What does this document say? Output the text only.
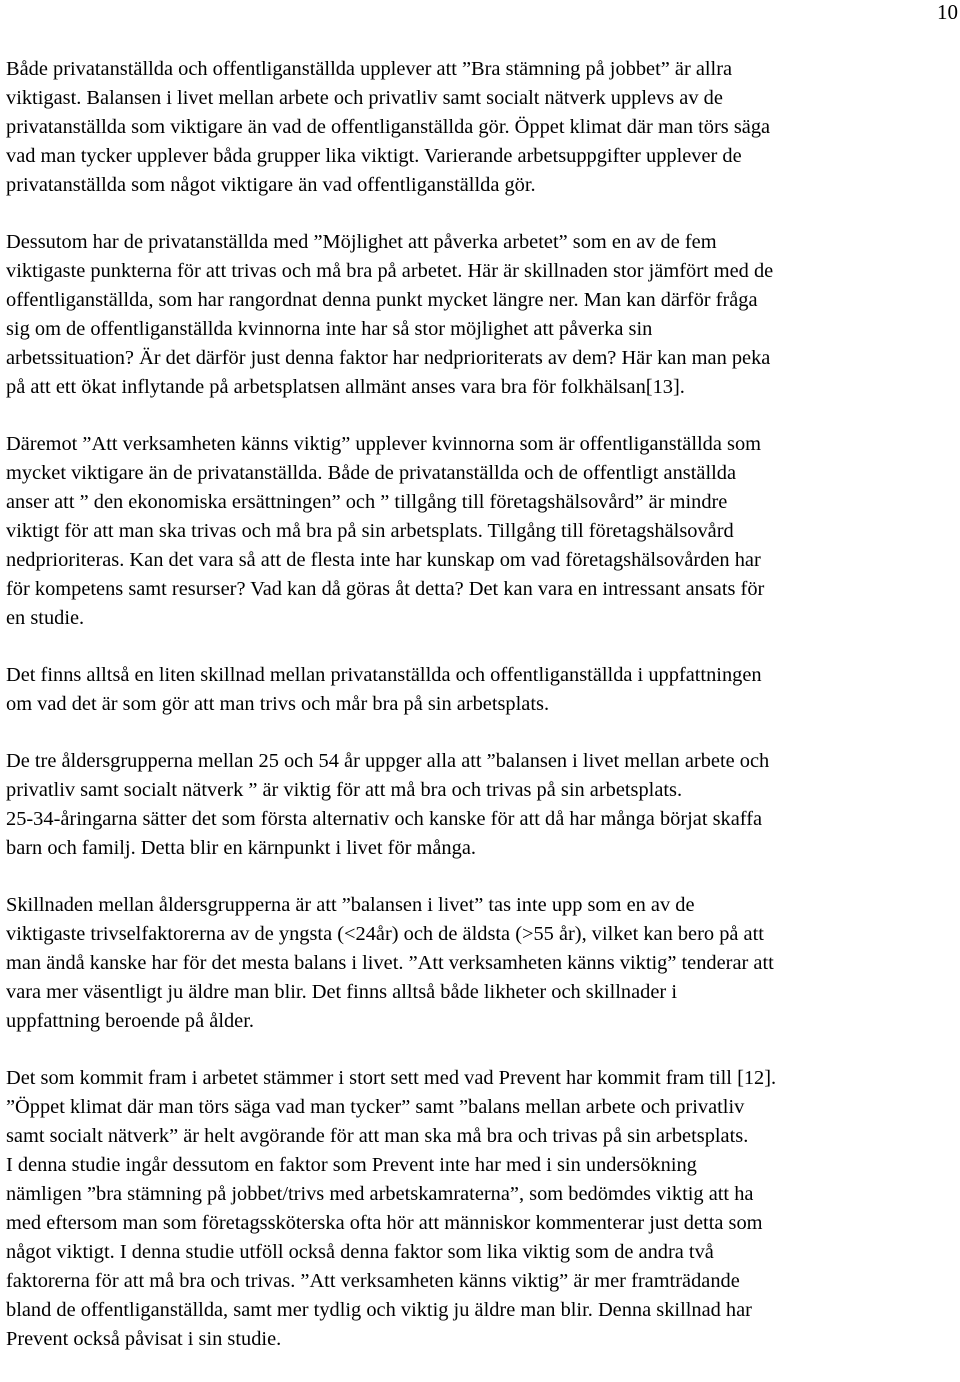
10

Både privatanställda och offentliganställda upplever att ”Bra stämning på jobbet” är allra
viktigast. Balansen i livet mellan arbete och privatliv samt socialt nätverk upplevs av de
privatanställda som viktigare än vad de offentliganställda gör. Öppet klimat där man törs säga
vad man tycker upplever båda grupper lika viktigt. Varierande arbetsuppgifter upplever de
privatanställda som något viktigare än vad offentliganställda gör.

Dessutom har de privatanställda med ”Möjlighet att påverka arbetet” som en av de fem
viktigaste punkterna för att trivas och må bra på arbetet. Här är skillnaden stor jämfört med de
offentliganställda, som har rangordnat denna punkt mycket längre ner. Man kan därför fråga
sig om de offentliganställda kvinnorna inte har så stor möjlighet att påverka sin
arbetssituation? Är det därför just denna faktor har nedprioriterats av dem? Här kan man peka
på att ett ökat inflytande på arbetsplatsen allmänt anses vara bra för folkhälsan[13].

Däremot ”Att verksamheten känns viktig” upplever kvinnorna som är offentliganställda som
mycket viktigare än de privatanställda. Både de privatanställda och de offentligt anställda
anser att ” den ekonomiska ersättningen” och ” tillgång till företagshälsovård” är mindre
viktigt för att man ska trivas och må bra på sin arbetsplats. Tillgång till företagshälsovård
nedprioriteras. Kan det vara så att de flesta inte har kunskap om vad företagshälsovården har
för kompetens samt resurser? Vad kan då göras åt detta? Det kan vara en intressant ansats för
en studie.

Det finns alltså en liten skillnad mellan privatanställda och offentliganställda i uppfattningen
om vad det är som gör att man trivs och mår bra på sin arbetsplats.

De tre åldersgrupperna mellan 25 och 54 år uppger alla att ”balansen i livet mellan arbete och
privatliv samt socialt nätverk ” är viktig för att må bra och trivas på sin arbetsplats.
25-34-åringarna sätter det som första alternativ och kanske för att då har många börjat skaffa
barn och familj. Detta blir en kärnpunkt i livet för många.

Skillnaden mellan åldersgrupperna är att ”balansen i livet” tas inte upp som en av de
viktigaste trivselfaktorerna av de yngsta (<24år) och de äldsta (>55 år), vilket kan bero på att
man ändå kanske har för det mesta balans i livet. ”Att verksamheten känns viktig” tenderar att
vara mer väsentligt ju äldre man blir. Det finns alltså både likheter och skillnader i
uppfattning beroende på ålder.

Det som kommit fram i arbetet stämmer i stort sett med vad Prevent har kommit fram till [12].
”Öppet klimat där man törs säga vad man tycker” samt ”balans mellan arbete och privatliv
samt socialt nätverk” är helt avgörande för att man ska må bra och trivas på sin arbetsplats.
I denna studie ingår dessutom en faktor som Prevent inte har med i sin undersökning
nämligen ”bra stämning på jobbet/trivs med arbetskamraterna”, som bedömdes viktig att ha
med eftersom man som företagssköterska ofta hör att människor kommenterar just detta som
något viktigt. I denna studie utföll också denna faktor som lika viktig som de andra två
faktorerna för att må bra och trivas. ”Att verksamheten känns viktig” är mer framträdande
bland de offentliganställda, samt mer tydlig och viktig ju äldre man blir. Denna skillnad har
Prevent också påvisat i sin studie.
